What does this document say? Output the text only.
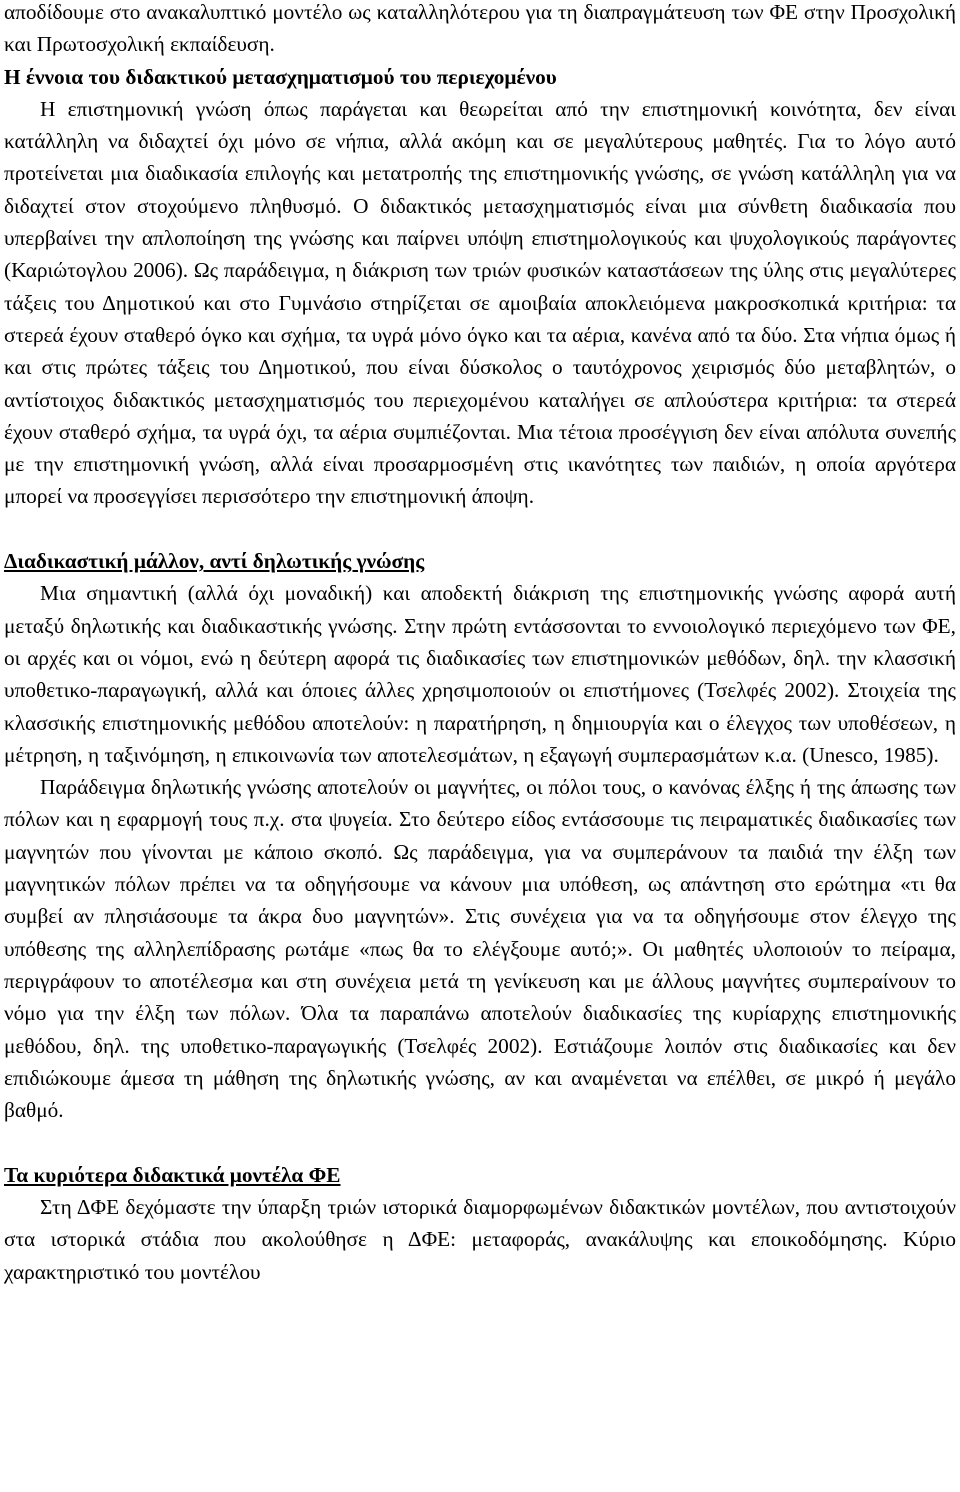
αποδίδουμε στο ανακαλυπτικό μοντέλο ως καταλληλότερου για τη διαπραγμάτευση των ΦΕ στην Προσχολική και Πρωτοσχολική εκπαίδευση.

Η έννοια του διδακτικού μετασχηματισμού του περιεχομένου

Η επιστημονική γνώση όπως παράγεται και θεωρείται από την επιστημονική κοινότητα, δεν είναι κατάλληλη να διδαχτεί όχι μόνο σε νήπια, αλλά ακόμη και σε μεγαλύτερους μαθητές. Για το λόγο αυτό προτείνεται μια διαδικασία επιλογής και μετατροπής της επιστημονικής γνώσης, σε γνώση κατάλληλη για να διδαχτεί στον στοχούμενο πληθυσμό. Ο διδακτικός μετασχηματισμός είναι μια σύνθετη διαδικασία που υπερβαίνει την απλοποίηση της γνώσης και παίρνει υπόψη επιστημολογικούς και ψυχολογικούς παράγοντες (Καριώτογλου 2006). Ως παράδειγμα, η διάκριση των τριών φυσικών καταστάσεων της ύλης στις μεγαλύτερες τάξεις του Δημοτικού και στο Γυμνάσιο στηρίζεται σε αμοιβαία αποκλειόμενα μακροσκοπικά κριτήρια: τα στερεά έχουν σταθερό όγκο και σχήμα, τα υγρά μόνο όγκο και τα αέρια, κανένα από τα δύο. Στα νήπια όμως ή και στις πρώτες τάξεις του Δημοτικού, που είναι δύσκολος ο ταυτόχρονος χειρισμός δύο μεταβλητών, ο αντίστοιχος διδακτικός μετασχηματισμός του περιεχομένου καταλήγει σε απλούστερα κριτήρια: τα στερεά έχουν σταθερό σχήμα, τα υγρά όχι, τα αέρια συμπιέζονται. Μια τέτοια προσέγγιση δεν είναι απόλυτα συνεπής με την επιστημονική γνώση, αλλά είναι προσαρμοσμένη στις ικανότητες των παιδιών, η οποία αργότερα μπορεί να προσεγγίσει περισσότερο την επιστημονική άποψη.

Διαδικαστική μάλλον, αντί δηλωτικής γνώσης

Μια σημαντική (αλλά όχι μοναδική) και αποδεκτή διάκριση της επιστημονικής γνώσης αφορά αυτή μεταξύ δηλωτικής και διαδικαστικής γνώσης. Στην πρώτη εντάσσονται το εννοιολογικό περιεχόμενο των ΦΕ, οι αρχές και οι νόμοι, ενώ η δεύτερη αφορά τις διαδικασίες των επιστημονικών μεθόδων, δηλ. την κλασσική υποθετικο-παραγωγική, αλλά και όποιες άλλες χρησιμοποιούν οι επιστήμονες (Τσελφές 2002). Στοιχεία της κλασσικής επιστημονικής μεθόδου αποτελούν: η παρατήρηση, η δημιουργία και ο έλεγχος των υποθέσεων, η μέτρηση, η ταξινόμηση, η επικοινωνία των αποτελεσμάτων, η εξαγωγή συμπερασμάτων κ.α. (Unesco, 1985).

Παράδειγμα δηλωτικής γνώσης αποτελούν οι μαγνήτες, οι πόλοι τους, ο κανόνας έλξης ή της άπωσης των πόλων και η εφαρμογή τους π.χ. στα ψυγεία. Στο δεύτερο είδος εντάσσουμε τις πειραματικές διαδικασίες των μαγνητών που γίνονται με κάποιο σκοπό. Ως παράδειγμα, για να συμπεράνουν τα παιδιά την έλξη των μαγνητικών πόλων πρέπει να τα οδηγήσουμε να κάνουν μια υπόθεση, ως απάντηση στο ερώτημα «τι θα συμβεί αν πλησιάσουμε τα άκρα δυο μαγνητών». Στις συνέχεια για να τα οδηγήσουμε στον έλεγχο της υπόθεσης της αλληλεπίδρασης ρωτάμε «πως θα το ελέγξουμε αυτό;». Οι μαθητές υλοποιούν το πείραμα, περιγράφουν το αποτέλεσμα και στη συνέχεια μετά τη γενίκευση και με άλλους μαγνήτες συμπεραίνουν το νόμο για την έλξη των πόλων. Όλα τα παραπάνω αποτελούν διαδικασίες της κυρίαρχης επιστημονικής μεθόδου, δηλ. της υποθετικο-παραγωγικής (Τσελφές 2002). Εστιάζουμε λοιπόν στις διαδικασίες και δεν επιδιώκουμε άμεσα τη μάθηση της δηλωτικής γνώσης, αν και αναμένεται να επέλθει, σε μικρό ή μεγάλο βαθμό.

Τα κυριότερα διδακτικά μοντέλα ΦΕ

Στη ΔΦΕ δεχόμαστε την ύπαρξη τριών ιστορικά διαμορφωμένων διδακτικών μοντέλων, που αντιστοιχούν στα ιστορικά στάδια που ακολούθησε η ΔΦΕ: μεταφοράς, ανακάλυψης και εποικοδόμησης. Κύριο χαρακτηριστικό του μοντέλου
